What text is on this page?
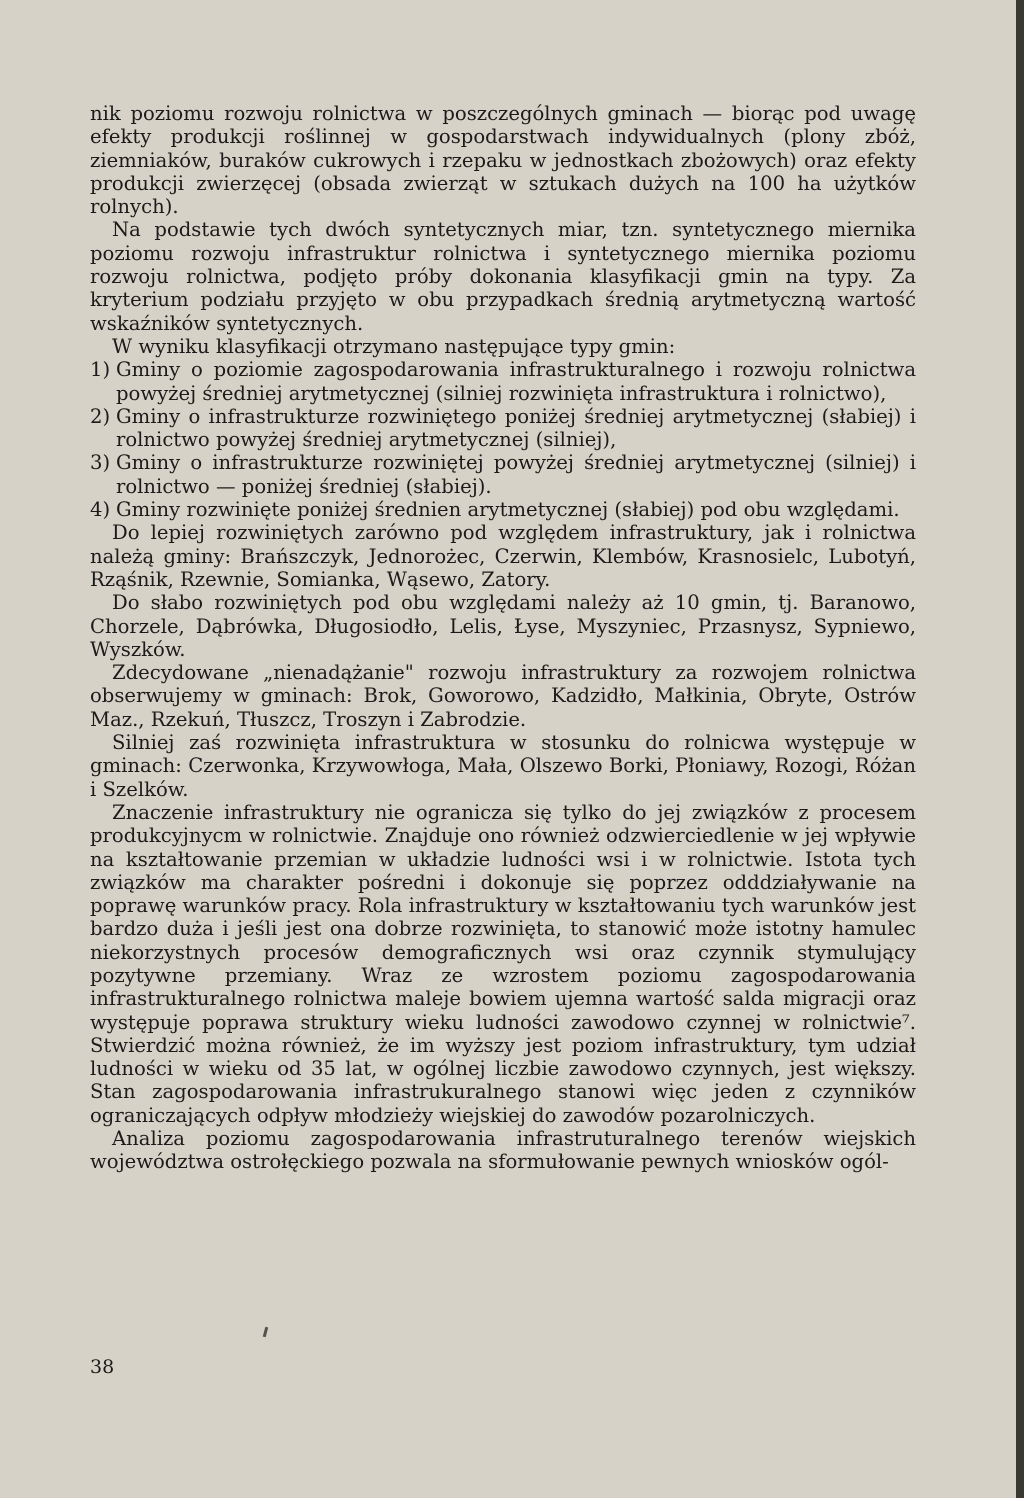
nik poziomu rozwoju rolnictwa w poszczególnych gminach — biorąc pod uwagę efekty produkcji roślinnej w gospodarstwach indywidualnych (plony zbóż, ziemniaków, buraków cukrowych i rzepaku w jednostkach zbożowych) oraz efekty produkcji zwierzęcej (obsada zwierząt w sztukach dużych na 100 ha użytków rolnych).

Na podstawie tych dwóch syntetycznych miar, tzn. syntetycznego miernika poziomu rozwoju infrastruktur rolnictwa i syntetycznego miernika poziomu rozwoju rolnictwa, podjęto próby dokonania klasyfikacji gmin na typy. Za kryterium podziału przyjęto w obu przypadkach średnią arytmetyczną wartość wskaźników syntetycznych.

W wyniku klasyfikacji otrzymano następujące typy gmin:

1) Gminy o poziomie zagospodarowania infrastrukturalnego i rozwoju rolnictwa powyżej średniej arytmetycznej (silniej rozwinięta infrastruktura i rolnictwo),
2) Gminy o infrastrukturze rozwiniętego poniżej średniej arytmetycznej (słabiej) i rolnictwo powyżej średniej arytmetycznej (silniej),
3) Gminy o infrastrukturze rozwiniętej powyżej średniej arytmetycznej (silniej) i rolnictwo — poniżej średniej (słabiej).
4) Gminy rozwinięte poniżej średnien arytmetycznej (słabiej) pod obu względami.

Do lepiej rozwiniętych zarówno pod względem infrastruktury, jak i rolnictwa należą gminy: Brańszczyk, Jednorożec, Czerwin, Klembów, Krasnosielc, Lubotyń, Rząśnik, Rzewnie, Somianka, Wąsewo, Zatory.

Do słabo rozwiniętych pod obu względami należy aż 10 gmin, tj. Baranowo, Chorzele, Dąbrówka, Długosiodło, Lelis, Łyse, Myszyniec, Przasnysz, Sypniewo, Wyszków.

Zdecydowane „nienadążanie" rozwoju infrastruktury za rozwojem rolnictwa obserwujemy w gminach: Brok, Goworowo, Kadzidło, Małkinia, Obryte, Ostrów Maz., Rzekuń, Tłuszcz, Troszyn i Zabrodzie.

Silniej zaś rozwinięta infrastruktura w stosunku do rolnicwa występuje w gminach: Czerwonka, Krzywowłoga, Mała, Olszewo Borki, Płoniawy, Rozogi, Różan i Szelków.

Znaczenie infrastruktury nie ogranicza się tylko do jej związków z procesem produkcyjnycm w rolnictwie. Znajduje ono również odzwierciedlenie w jej wpływie na kształtowanie przemian w układzie ludności wsi i w rolnictwie. Istota tych związków ma charakter pośredni i dokonuje się poprzez odddziaływanie na poprawę warunków pracy. Rola infrastruktury w kształtowaniu tych warunków jest bardzo duża i jeśli jest ona dobrze rozwinięta, to stanowić może istotny hamulec niekorzystnych procesów demograficznych wsi oraz czynnik stymulujący pozytywne przemiany. Wraz ze wzrostem poziomu zagospodarowania infrastrukturalnego rolnictwa maleje bowiem ujemna wartość salda migracji oraz występuje poprawa struktury wieku ludności zawodowo czynnej w rolnictwie⁷. Stwierdzić można również, że im wyższy jest poziom infrastruktury, tym udział ludności w wieku od 35 lat, w ogólnej liczbie zawodowo czynnych, jest większy. Stan zagospodarowania infrastrukuralnego stanowi więc jeden z czynników ograniczających odpływ młodzieży wiejskiej do zawodów pozarolniczych.

Analiza poziomu zagospodarowania infrastruturalnego terenów wiejskich województwa ostrołęckiego pozwala na sformułowanie pewnych wniosków ogól-

38
